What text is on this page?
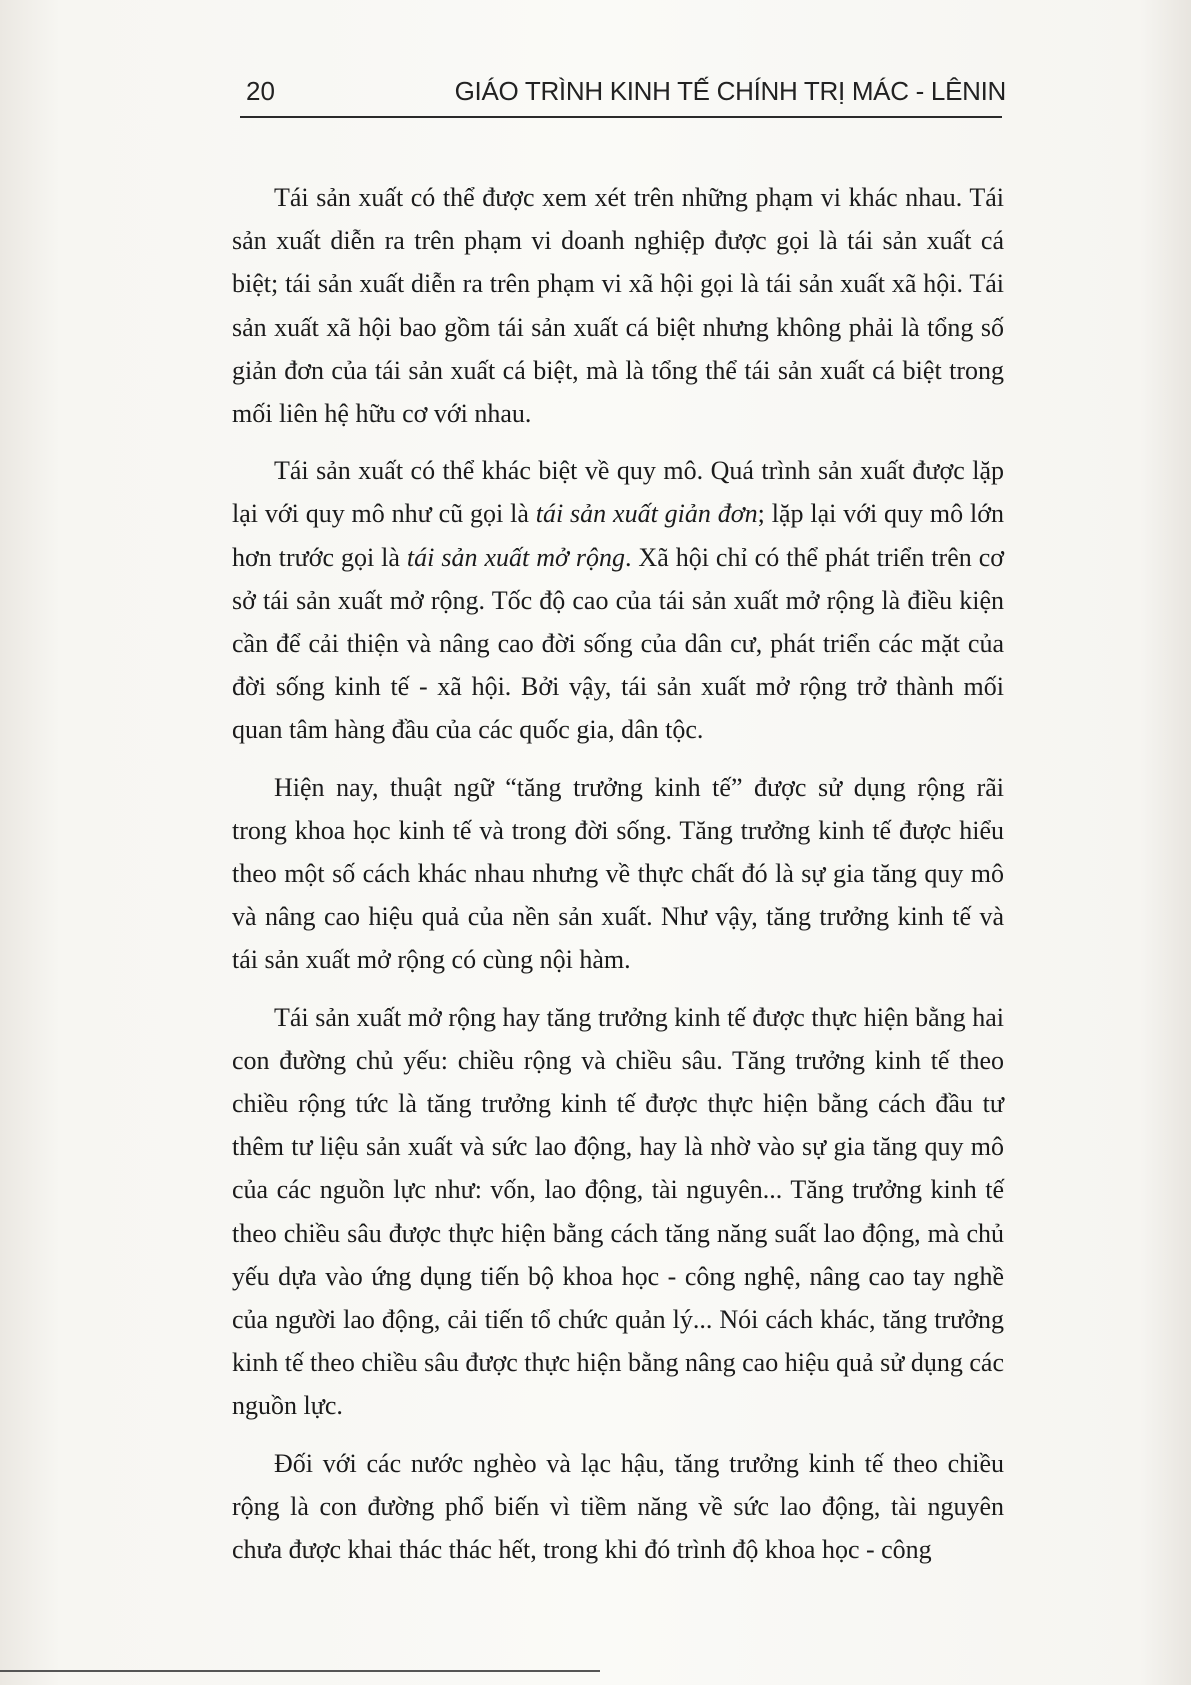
20	GIÁO TRÌNH KINH TẾ CHÍNH TRỊ MÁC - LÊNIN

Tái sản xuất có thể được xem xét trên những phạm vi khác nhau. Tái sản xuất diễn ra trên phạm vi doanh nghiệp được gọi là tái sản xuất cá biệt; tái sản xuất diễn ra trên phạm vi xã hội gọi là tái sản xuất xã hội. Tái sản xuất xã hội bao gồm tái sản xuất cá biệt nhưng không phải là tổng số giản đơn của tái sản xuất cá biệt, mà là tổng thể tái sản xuất cá biệt trong mối liên hệ hữu cơ với nhau.

Tái sản xuất có thể khác biệt về quy mô. Quá trình sản xuất được lặp lại với quy mô như cũ gọi là tái sản xuất giản đơn; lặp lại với quy mô lớn hơn trước gọi là tái sản xuất mở rộng. Xã hội chỉ có thể phát triển trên cơ sở tái sản xuất mở rộng. Tốc độ cao của tái sản xuất mở rộng là điều kiện cần để cải thiện và nâng cao đời sống của dân cư, phát triển các mặt của đời sống kinh tế - xã hội. Bởi vậy, tái sản xuất mở rộng trở thành mối quan tâm hàng đầu của các quốc gia, dân tộc.

Hiện nay, thuật ngữ “tăng trưởng kinh tế” được sử dụng rộng rãi trong khoa học kinh tế và trong đời sống. Tăng trưởng kinh tế được hiểu theo một số cách khác nhau nhưng về thực chất đó là sự gia tăng quy mô và nâng cao hiệu quả của nền sản xuất. Như vậy, tăng trưởng kinh tế và tái sản xuất mở rộng có cùng nội hàm.

Tái sản xuất mở rộng hay tăng trưởng kinh tế được thực hiện bằng hai con đường chủ yếu: chiều rộng và chiều sâu. Tăng trưởng kinh tế theo chiều rộng tức là tăng trưởng kinh tế được thực hiện bằng cách đầu tư thêm tư liệu sản xuất và sức lao động, hay là nhờ vào sự gia tăng quy mô của các nguồn lực như: vốn, lao động, tài nguyên... Tăng trưởng kinh tế theo chiều sâu được thực hiện bằng cách tăng năng suất lao động, mà chủ yếu dựa vào ứng dụng tiến bộ khoa học - công nghệ, nâng cao tay nghề của người lao động, cải tiến tổ chức quản lý... Nói cách khác, tăng trưởng kinh tế theo chiều sâu được thực hiện bằng nâng cao hiệu quả sử dụng các nguồn lực.

Đối với các nước nghèo và lạc hậu, tăng trưởng kinh tế theo chiều rộng là con đường phổ biến vì tiềm năng về sức lao động, tài nguyên chưa được khai thác thác hết, trong khi đó trình độ khoa học - công
